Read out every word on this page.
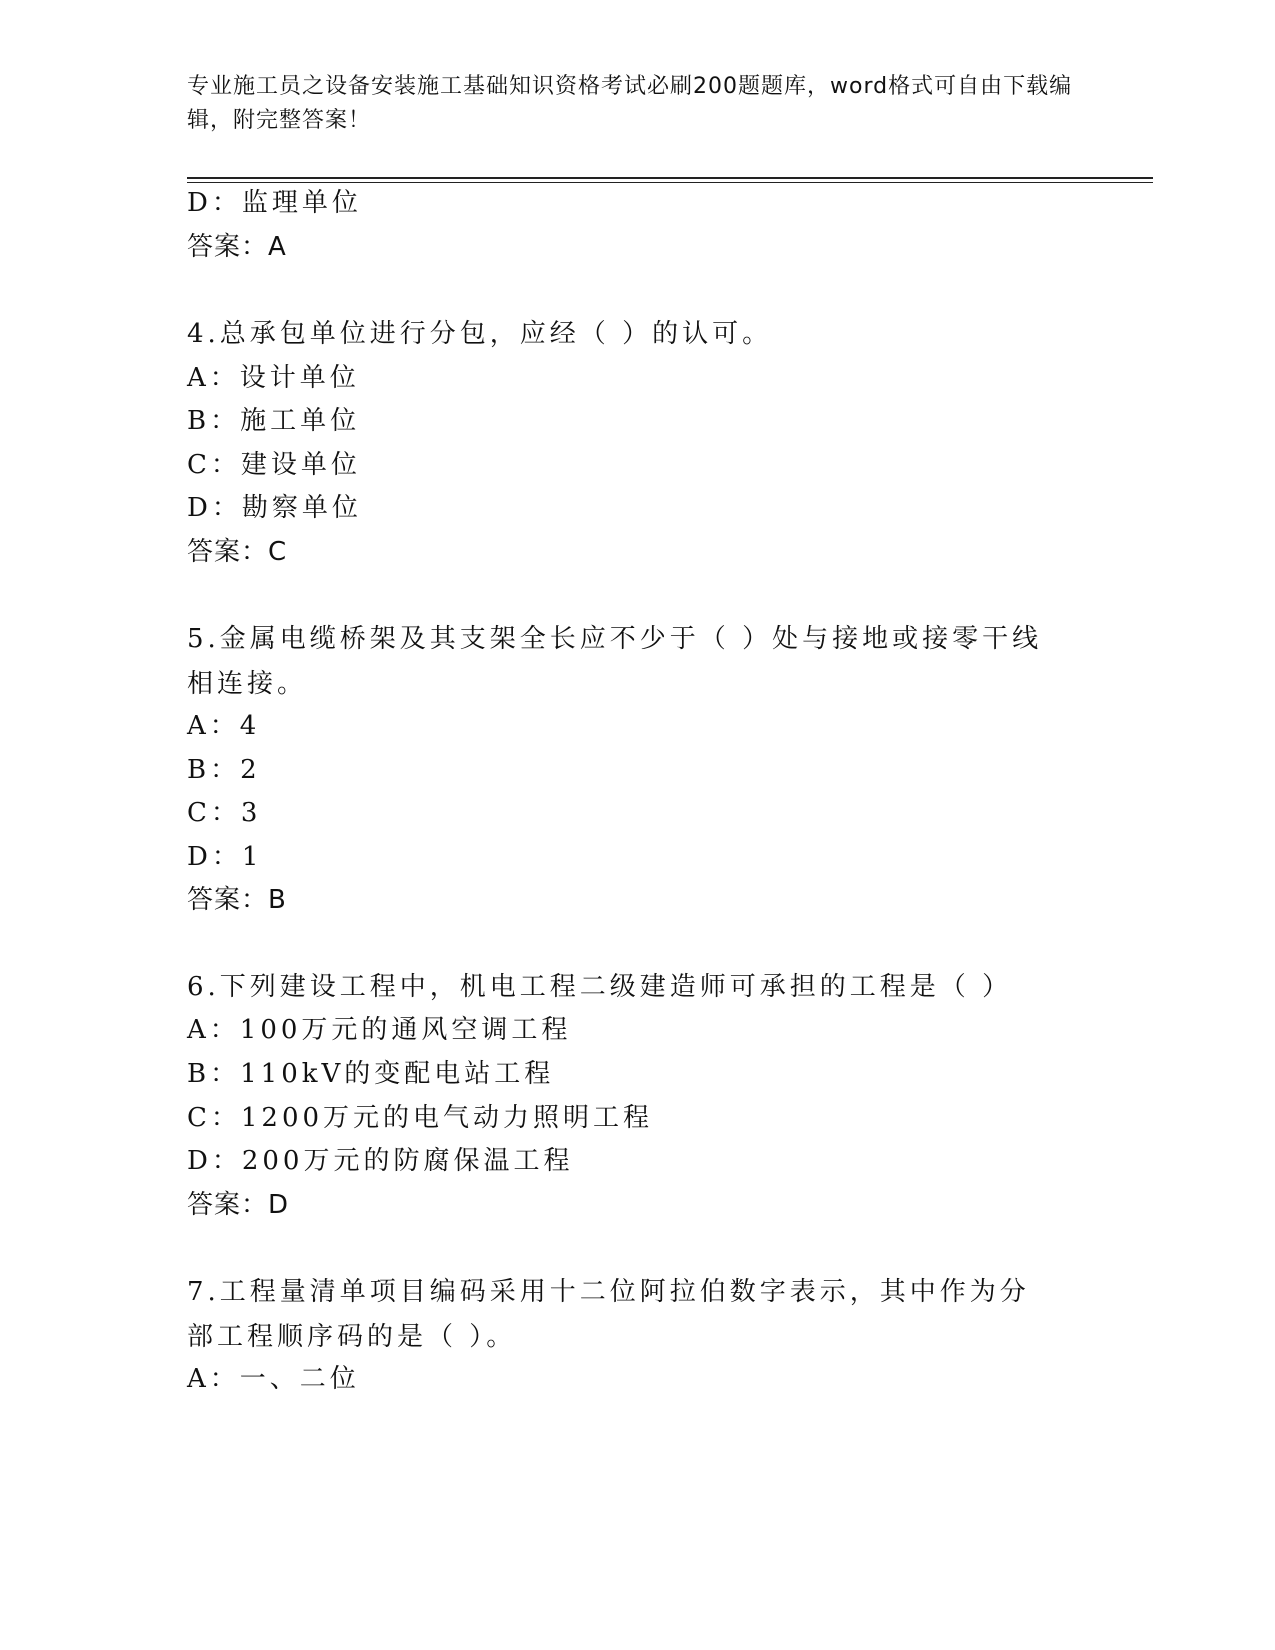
专业施工员之设备安装施工基础知识资格考试必刷200题题库，word格式可自由下载编辑，附完整答案！
D：监理单位
答案：A
4.总承包单位进行分包，应经（ ）的认可。
A：设计单位
B：施工单位
C：建设单位
D：勘察单位
答案：C
5.金属电缆桥架及其支架全长应不少于（ ）处与接地或接零干线相连接。
A：4
B：2
C：3
D：1
答案：B
6.下列建设工程中，机电工程二级建造师可承担的工程是（ ）
A：100万元的通风空调工程
B：110kV的变配电站工程
C：1200万元的电气动力照明工程
D：200万元的防腐保温工程
答案：D
7.工程量清单项目编码采用十二位阿拉伯数字表示，其中作为分部工程顺序码的是（ ）。
A：一、二位
